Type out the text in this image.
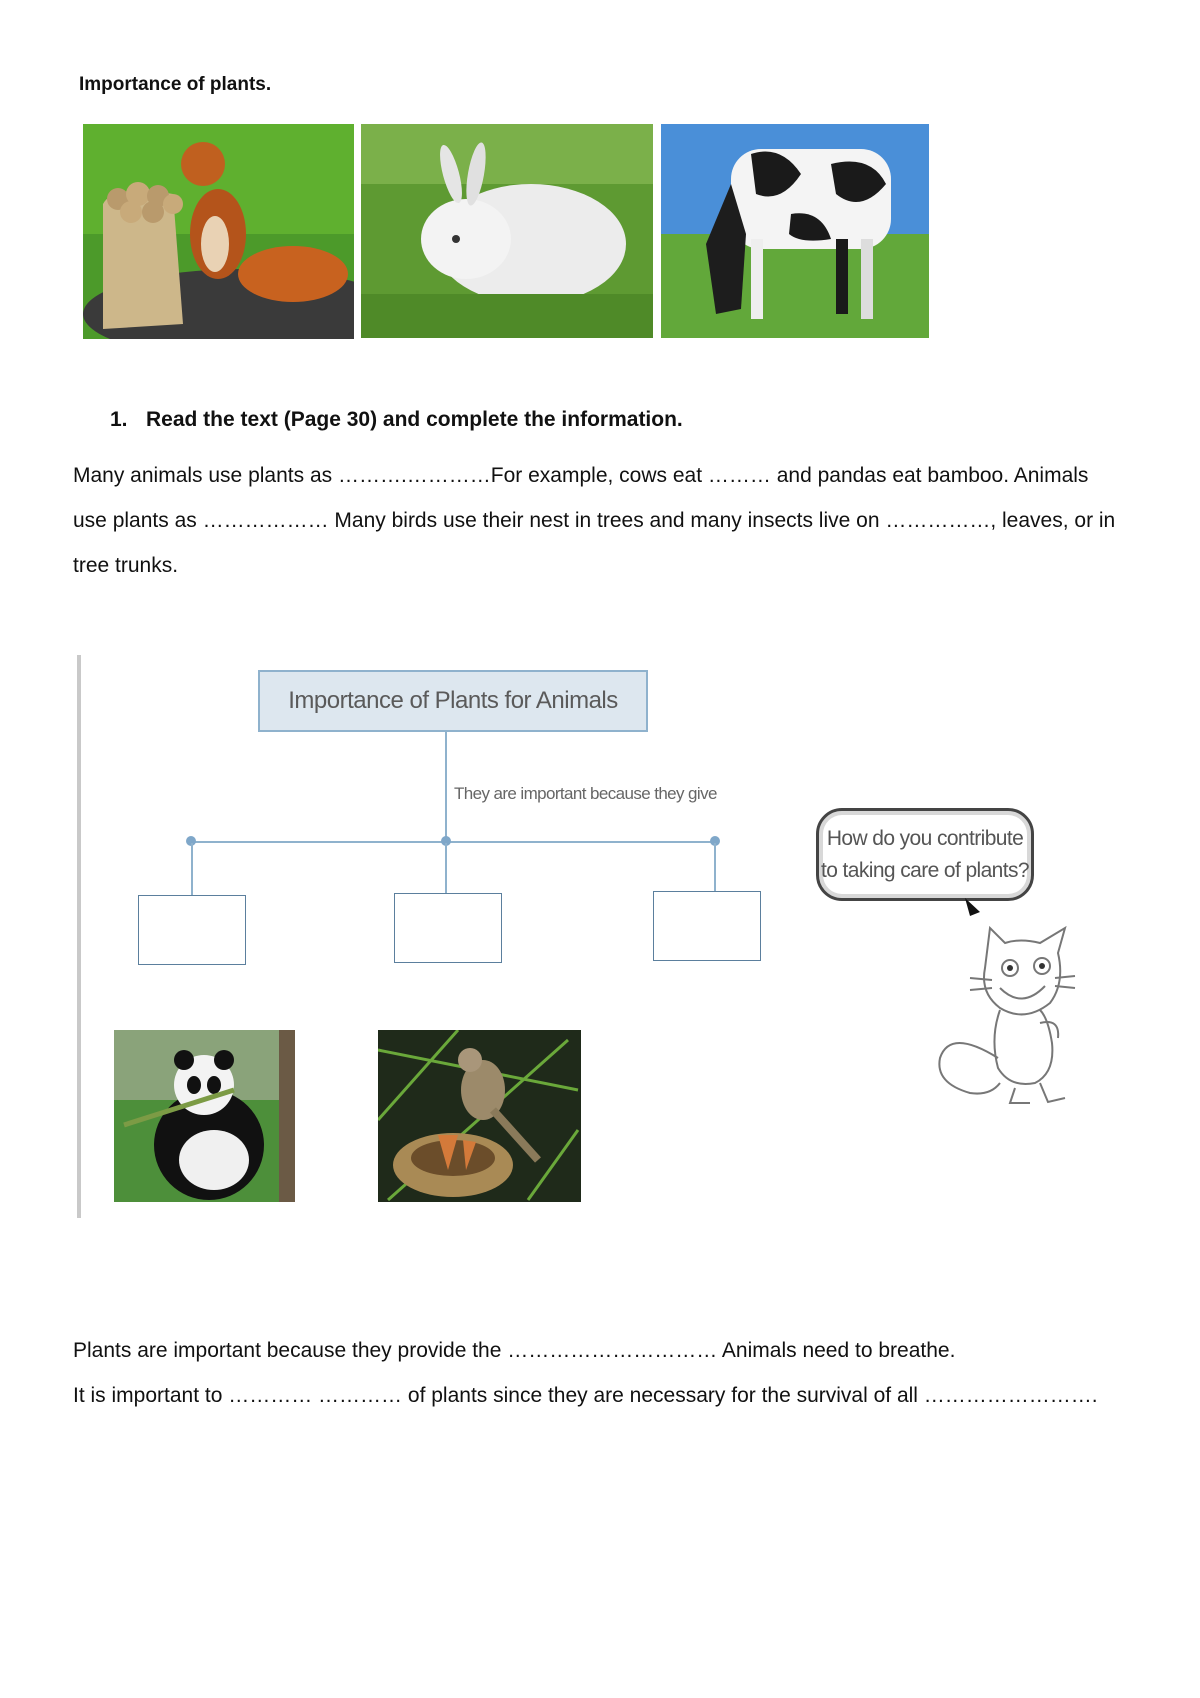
Importance of plants.
1. Read the text (Page 30) and complete the information.
Many animals use plants as ……….…………For example, cows eat ……… and pandas eat bamboo. Animals
use plants as ……………… Many birds use their nest in trees and many insects live on ……………, leaves, or in
tree trunks.
Importance of Plants for Animals
They are important because they give
How do you contribute
to taking care of plants?
Plants are important because they provide the ………………………… Animals need to breathe.
It is important to ………… ………… of plants since they are necessary for the survival of all …………………….
